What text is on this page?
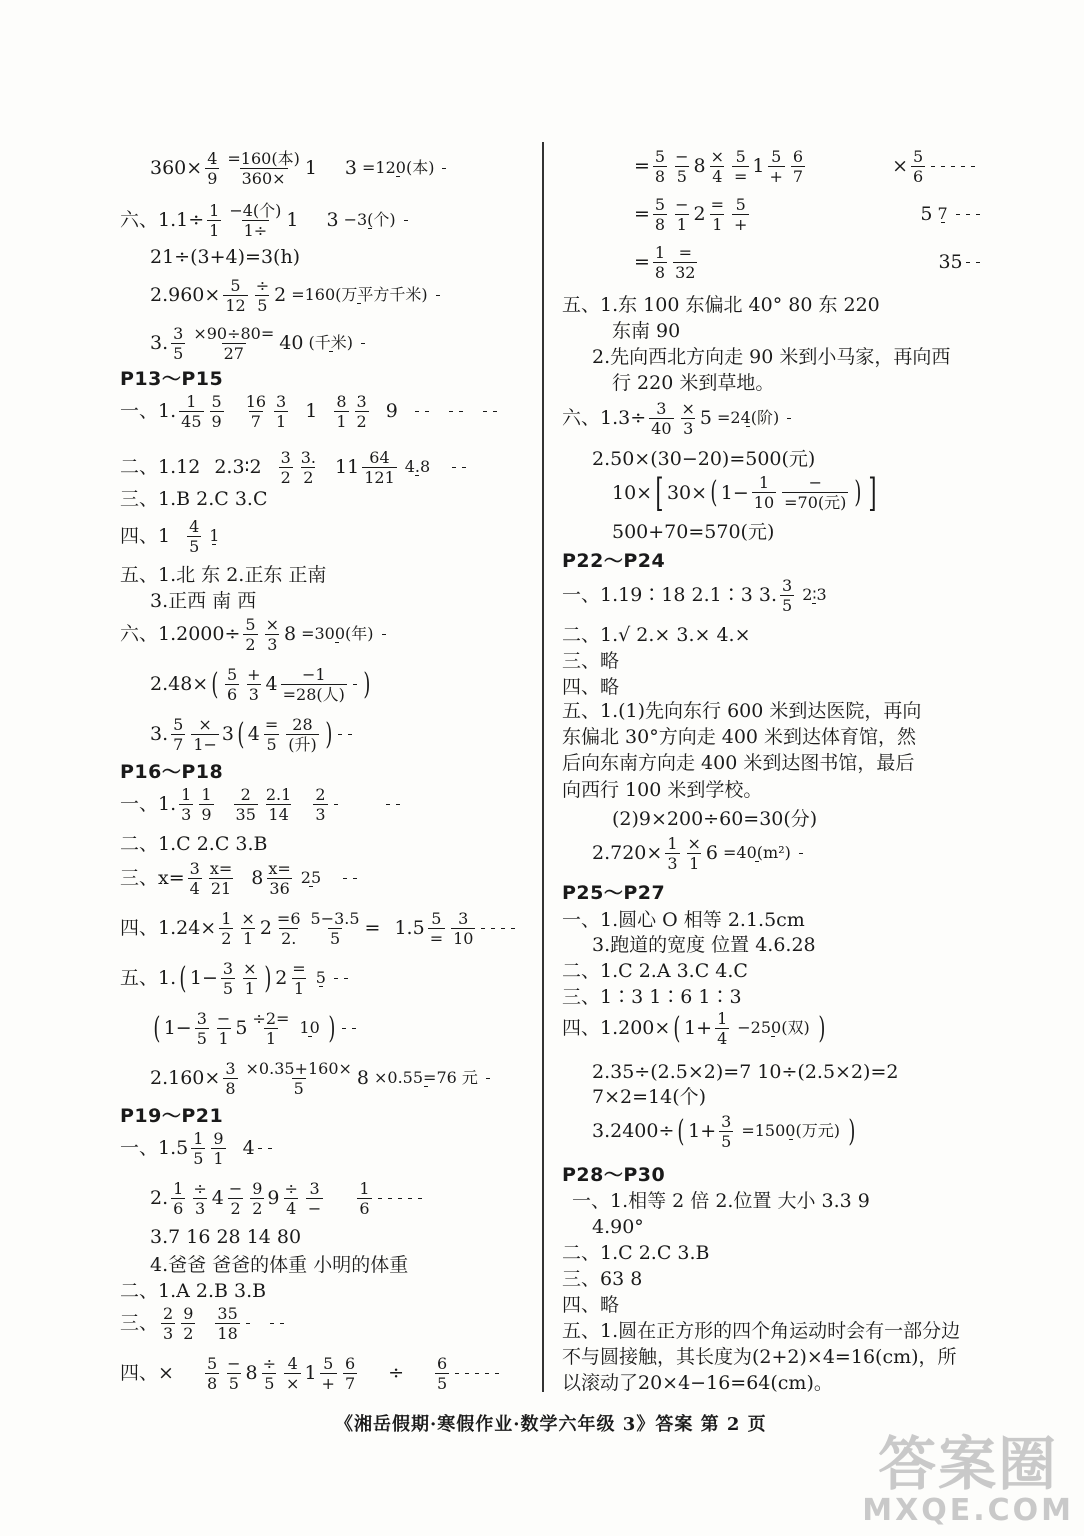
$360\times \frac{4}{9} \frac{\text{=160(本)}}{360\times} 1$ 3 =120(本)
六、$1.1\div \frac{1}{1} \frac{\text{−4(个)}}{1\div} 1$ 3 −3(个)
21÷(3+4)=3(h)
$2.960\times \frac{5}{12} \frac{\div}{5} 2 =160$(万平方千米)
3. $\frac{3}{5} \frac{\times 90\div 80=}{27} 40$ (千米)
P13～P15
一、1. $\frac{1}{45} \frac{5}{9} \frac{16}{7} \frac{3}{1} 1 \frac{8}{1} \frac{3}{2} 9$
二、1.12 2.3∶2 $\frac{3}{2} \frac{3.}{2} 11 \frac{64}{121} 4.8$
三、1.B 2.C 3.C
四、$1 \frac{4}{5} 1$
五、1.北 东 2.正东 正南
3.正西 南 西
六、$1.2000\div \frac{5}{2} \frac{\times}{3} 8 =300$(年)
2.48× ( $\frac{5}{6} \frac{+}{3} 4 \frac{-1}{\text{=28(人)}}$ )
3. $\frac{5}{7} \frac{\times}{1-} 3$ ( $4 \frac{=}{5} \frac{28}{\text{(升)}}$ )
P16～P18
一、1. $\frac{1}{3} \frac{1}{9} \frac{2}{35} \frac{2.1}{14} \frac{2}{3}$
二、1.C 2.C 3.B
三、$x= \frac{3}{4} \frac{x=}{21} 8 \frac{x=}{36} 25$
四、$1.24\times \frac{1}{2} \frac{\times}{1} 2 \frac{=6}{2.} \frac{5-3.5}{5} = 1.5 \frac{5}{=} \frac{3}{10}$
五、1. ( $1- \frac{3}{5} \frac{\times}{1}$ ) $2 \frac{=}{1} 5$
( $1- \frac{3}{5} \frac{-}{1} 5 \frac{\div 2=}{1} 10$ )
$2.160\times \frac{3}{8} \frac{\times 0.35+160\times}{5} 8 \times 0.55=76$ 元
P19～P21
一、$1.5 \frac{1}{5} \frac{9}{1} 4$
2. $\frac{1}{6} \frac{\div}{3} 4 \frac{-}{2} \frac{9}{2} 9 \frac{\div}{4} \frac{3}{-} \frac{1}{6}$
3.7 16 28 14 80
4.爸爸 爸爸的体重 小明的体重
二、1.A 2.B 3.B
三、 $\frac{2}{3} \frac{9}{2} \frac{35}{18}$
四、 × $\frac{5}{8} \frac{-}{5} 8 \frac{\div}{5} \frac{4}{\times} 1 \frac{5}{+} \frac{6}{7} \div \frac{6}{5}$
= $\frac{5}{8} \frac{-}{5} 8 \frac{\times}{4} \frac{5}{=} 1 \frac{5}{+} \frac{6}{7}$	× $\frac{5}{6}$
= $\frac{5}{8} \frac{-}{1} 2 \frac{=}{1} \frac{5}{+}$	5 7
= $\frac{1}{8} \frac{=}{32}$	35
五、1.东 100 东偏北 40° 80 东 220
东南 90
2.先向西北方向走 90 米到小马家，再向西
行 220 米到草地。
六、$1.3\div \frac{3}{40} \frac{\times}{3} 5 =24$(阶)
2.50×(30−20)=500(元)
10× [ 30× ( $1- \frac{1}{10} \frac{-}{\text{=70(元)}}$ ) ]
500+70=570(元)
P22～P24
一、1.19∶18 2.1∶3 3. $\frac{3}{5}$ 2∶3
二、1.√ 2.× 3.× 4.×
三、略
四、略
五、1.(1)先向东行 600 米到达医院，再向东偏北 30°方向走 400 米到达体育馆，然后向东南方向走 400 米到达图书馆，最后向西行 100 米到学校。
(2)9×200÷60=30(分)
$2.720\times \frac{1}{3} \frac{\times}{1} 6 =40(m^2)$
P25～P27
一、1.圆心 O 相等 2.1.5cm
3.跑道的宽度 位置 4.6.28
二、1.C 2.A 3.C 4.C
三、1∶3 1∶6 1∶3
四、1.200× ( $1+ \frac{1}{4} -250$(双) )
2.35÷(2.5×2)=7 10÷(2.5×2)=2
7×2=14(个)
3.2400÷ ( $1+ \frac{3}{5} =1500$(万元) )
P28～P30
一、1.相等 2 倍 2.位置 大小 3.3 9
4.90°
二、1.C 2.C 3.B
三、63 8
四、略
五、1.圆在正方形的四个角运动时会有一部分边不与圆接触，其长度为(2+2)×4=16(cm)，所以滚动了20×4−16=64(cm)。
《湘岳假期·寒假作业·数学六年级 3》答案 第 2 页
答案圈
MXQE.COM
